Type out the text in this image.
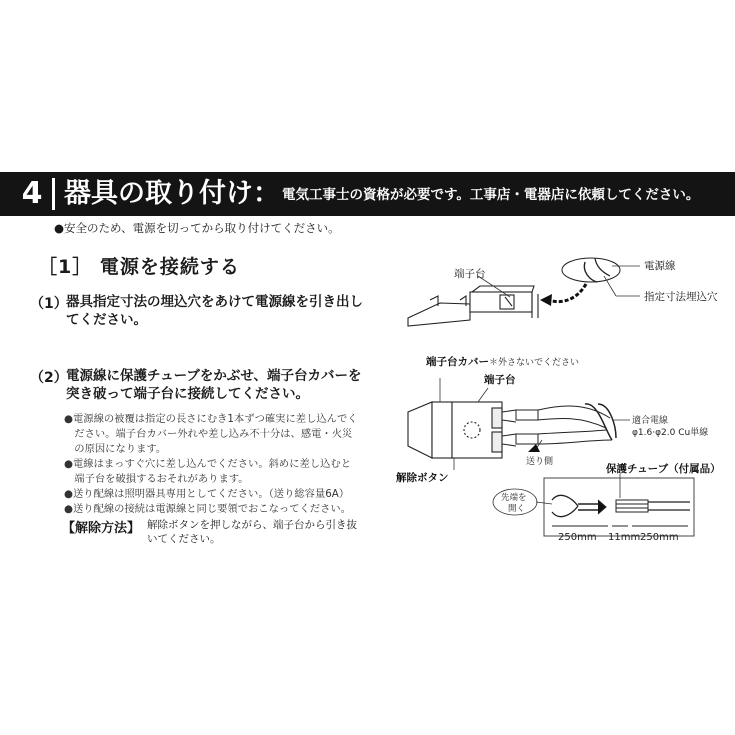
4 器具の取り付け： 電気工事士の資格が必要です。工事店・電器店に依頼してください。
●安全のため、電源を切ってから取り付けてください。
［1］ 電源を接続する
（1）
器具指定寸法の埋込穴をあけて電源線を引き出し
てください。
（2）
電源線に保護チューブをかぶせ、端子台カバーを
突き破って端子台に接続してください。
●電源線の被覆は指定の長さにむき1本ずつ確実に差し込んでく
　ださい。端子台カバー外れや差し込み不十分は、感電・火災
　の原因になります。
●電線はまっすぐ穴に差し込んでください。斜めに差し込むと
　端子台を破損するおそれがあります。
●送り配線は照明器具専用としてください。（送り総容量6A）
●送り配線の接続は電源線と同じ要領でおこなってください。
【解除方法】 解除ボタンを押しながら、端子台から引き抜
いてください。
端子台
電源線
指定寸法埋込穴
端子台カバー＊外さないでください
端子台
適合電線
φ1.6·φ2.0 Cu単線
送り側
解除ボタン
保護チューブ（付属品）
先端を
開く
250mm 11mm 250mm
